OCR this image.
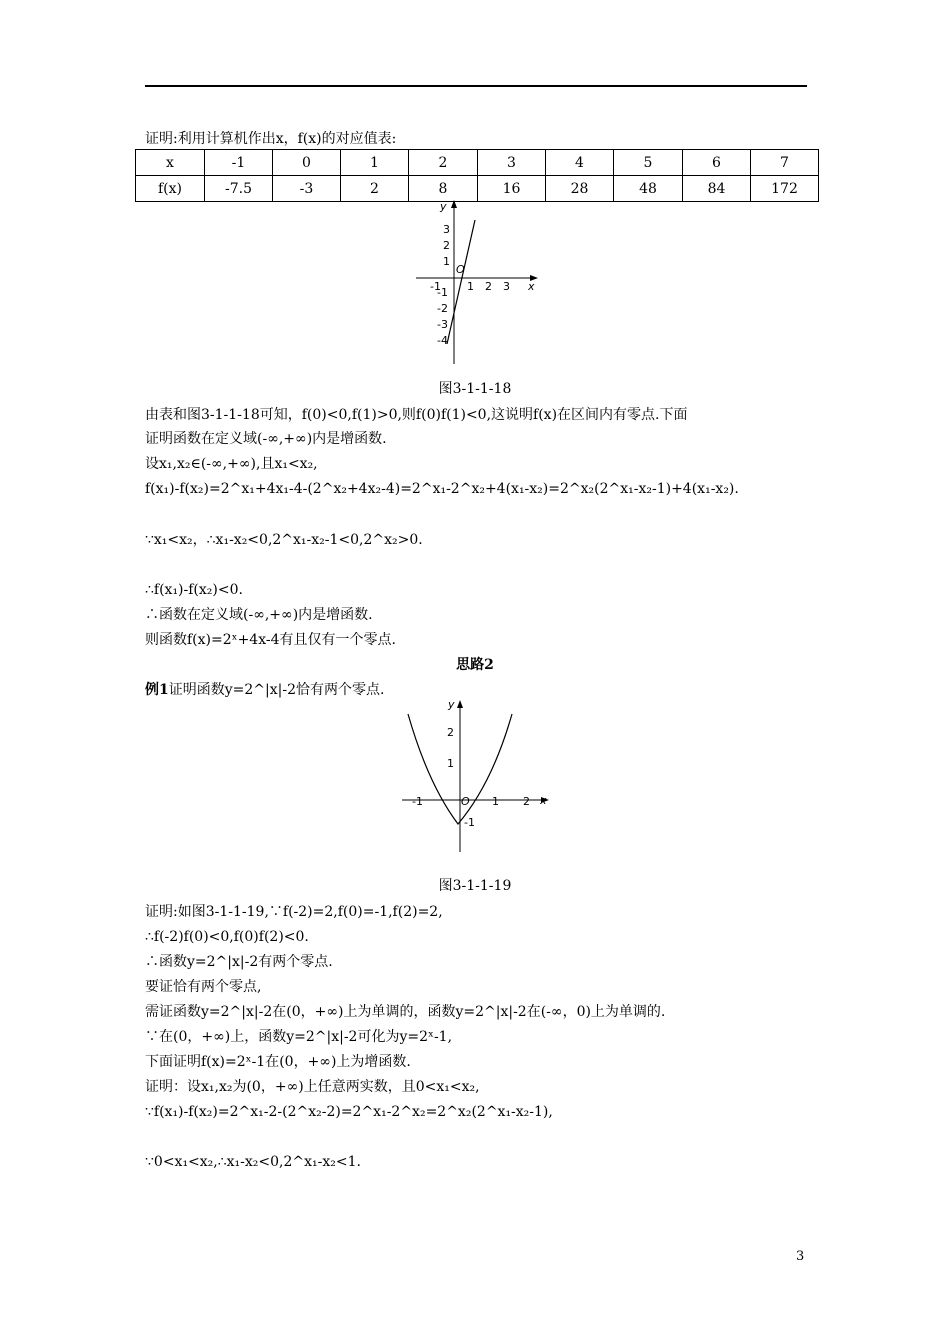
证明:利用计算机作出x，f(x)的对应值表:
x	-1	0	1	2	3	4	5	6	7
f(x)	-7.5	-3	2	8	16	28	48	84	172
y
x
O
3
2
1
-1
-2
-3
-4
-1 1 2 3
图3-1-1-18
由表和图3-1-1-18可知，f(0)<0,f(1)>0,则f(0)f(1)<0,这说明f(x)在区间内有零点.下面
证明函数在定义域(-∞,+∞)内是增函数.
设x₁,x₂∈(-∞,+∞),且x₁<x₂,
f(x₁)-f(x₂)=2^x₁+4x₁-4-(2^x₂+4x₂-4)=2^x₁-2^x₂+4(x₁-x₂)=2^x₂(2^x₁-x₂-1)+4(x₁-x₂).
∵x₁<x₂，∴x₁-x₂<0,2^x₁-x₂-1<0,2^x₂>0.
∴f(x₁)-f(x₂)<0.
∴函数在定义域(-∞,+∞)内是增函数.
则函数f(x)=2ˣ+4x-4有且仅有一个零点.
思路2
例1证明函数y=2^|x|-2恰有两个零点.
y
x
O
2
1
-1
-1	1 2
图3-1-1-19
证明:如图3-1-1-19,∵f(-2)=2,f(0)=-1,f(2)=2,
∴f(-2)f(0)<0,f(0)f(2)<0.
∴函数y=2^|x|-2有两个零点.
要证恰有两个零点,
需证函数y=2^|x|-2在(0，+∞)上为单调的，函数y=2^|x|-2在(-∞，0)上为单调的.
∵在(0，+∞)上，函数y=2^|x|-2可化为y=2ˣ-1,
下面证明f(x)=2ˣ-1在(0，+∞)上为增函数.
证明：设x₁,x₂为(0，+∞)上任意两实数，且0<x₁<x₂,
∵f(x₁)-f(x₂)=2^x₁-2-(2^x₂-2)=2^x₁-2^x₂=2^x₂(2^x₁-x₂-1),
∵0<x₁<x₂,∴x₁-x₂<0,2^x₁-x₂<1.
3
